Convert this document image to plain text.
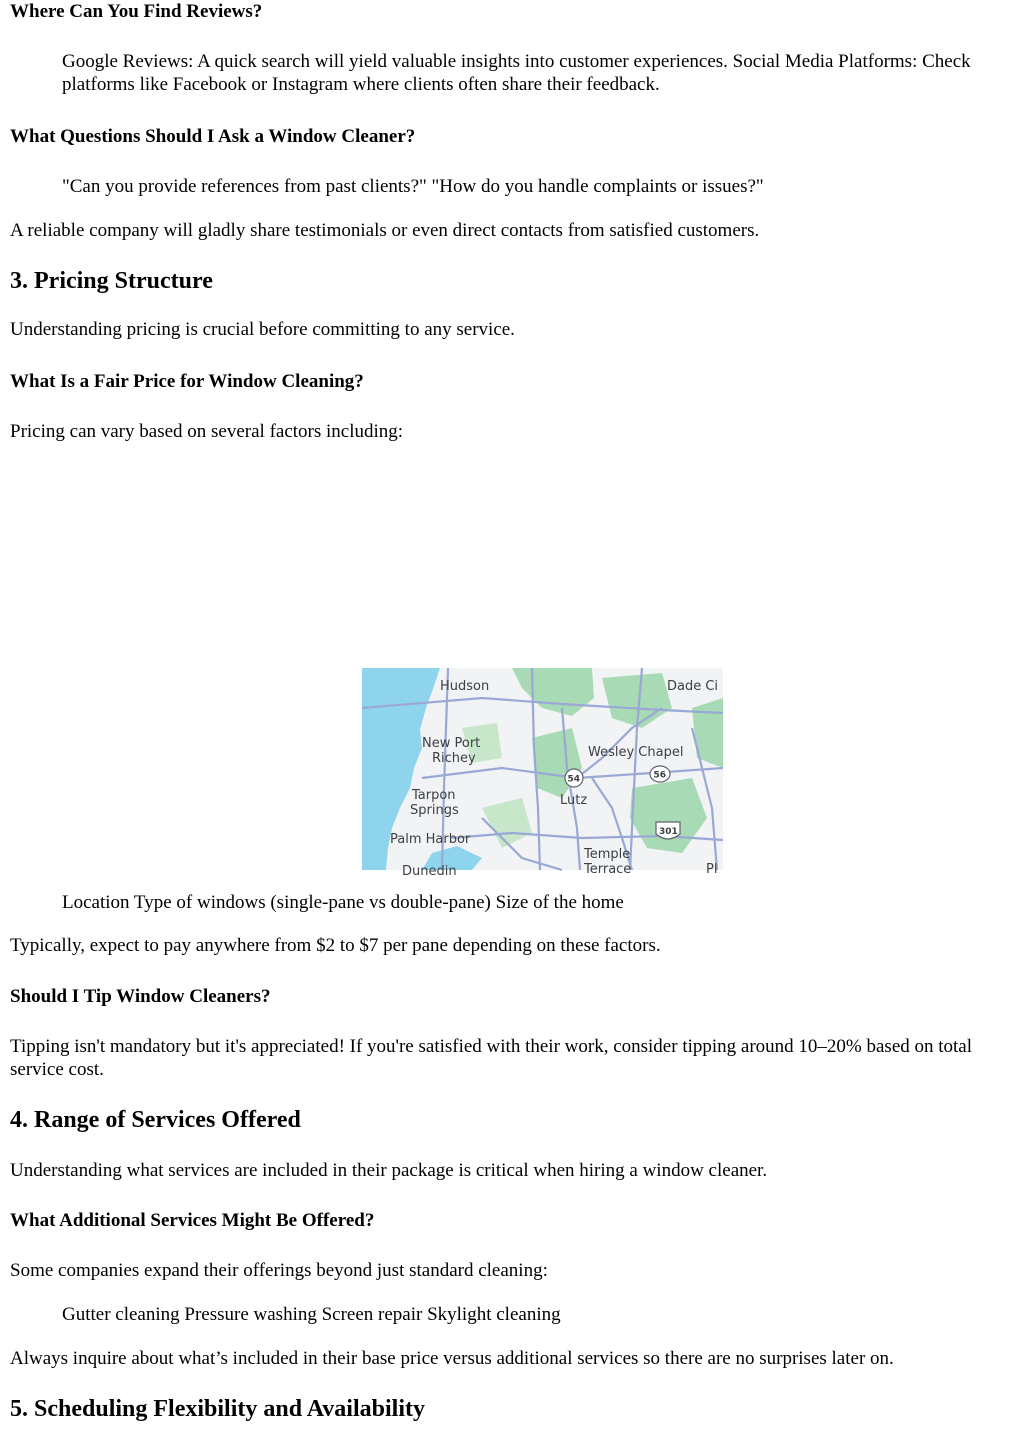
Where Can You Find Reviews?
Google Reviews: A quick search will yield valuable insights into customer experiences. Social Media Platforms: Check platforms like Facebook or Instagram where clients often share their feedback.
What Questions Should I Ask a Window Cleaner?
"Can you provide references from past clients?" "How do you handle complaints or issues?"
A reliable company will gladly share testimonials or even direct contacts from satisfied customers.
3. Pricing Structure
Understanding pricing is crucial before committing to any service.
What Is a Fair Price for Window Cleaning?
Pricing can vary based on several factors including:
Location Type of windows (single-pane vs double-pane) Size of the home
Typically, expect to pay anywhere from $2 to $7 per pane depending on these factors.
Should I Tip Window Cleaners?
Tipping isn't mandatory but it's appreciated! If you're satisfied with their work, consider tipping around 10–20% based on total service cost.
4. Range of Services Offered
Understanding what services are included in their package is critical when hiring a window cleaner.
What Additional Services Might Be Offered?
Some companies expand their offerings beyond just standard cleaning:
Gutter cleaning Pressure washing Screen repair Skylight cleaning
Always inquire about what’s included in their base price versus additional services so there are no surprises later on.
5. Scheduling Flexibility and Availability
Hudson	Dade Ci
New Port
Richey	Wesley Chapel
Tarpon
Springs
Lutz
Palm Harbor
Temple
Terrace
Dunedin	Pl
54	56
301
